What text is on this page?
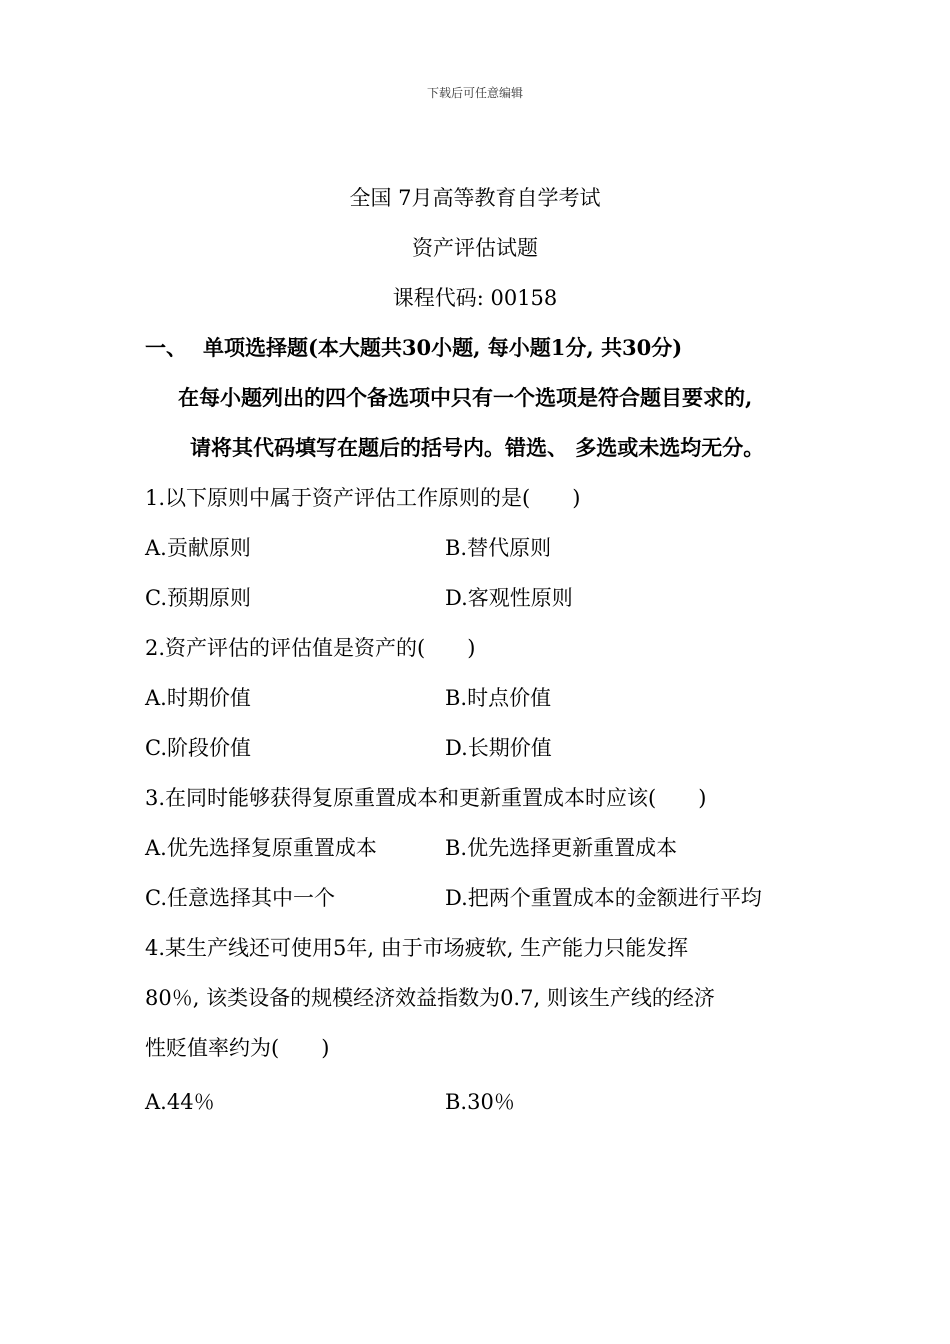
下载后可任意编辑
全国 7月高等教育自学考试
资产评估试题
课程代码: 00158
一、 单项选择题(本大题共30小题, 每小题1分, 共30分)
在每小题列出的四个备选项中只有一个选项是符合题目要求的,
请将其代码填写在题后的括号内。错选、 多选或未选均无分。
1.以下原则中属于资产评估工作原则的是(　　)
A.贡献原则	B.替代原则
C.预期原则	D.客观性原则
2.资产评估的评估值是资产的(　　)
A.时期价值	B.时点价值
C.阶段价值	D.长期价值
3.在同时能够获得复原重置成本和更新重置成本时应该(　　)
A.优先选择复原重置成本	B.优先选择更新重置成本
C.任意选择其中一个	D.把两个重置成本的金额进行平均
4.某生产线还可使用5年, 由于市场疲软, 生产能力只能发挥
80％, 该类设备的规模经济效益指数为0.7, 则该生产线的经济
性贬值率约为(　　)
A.44％	B.30％
